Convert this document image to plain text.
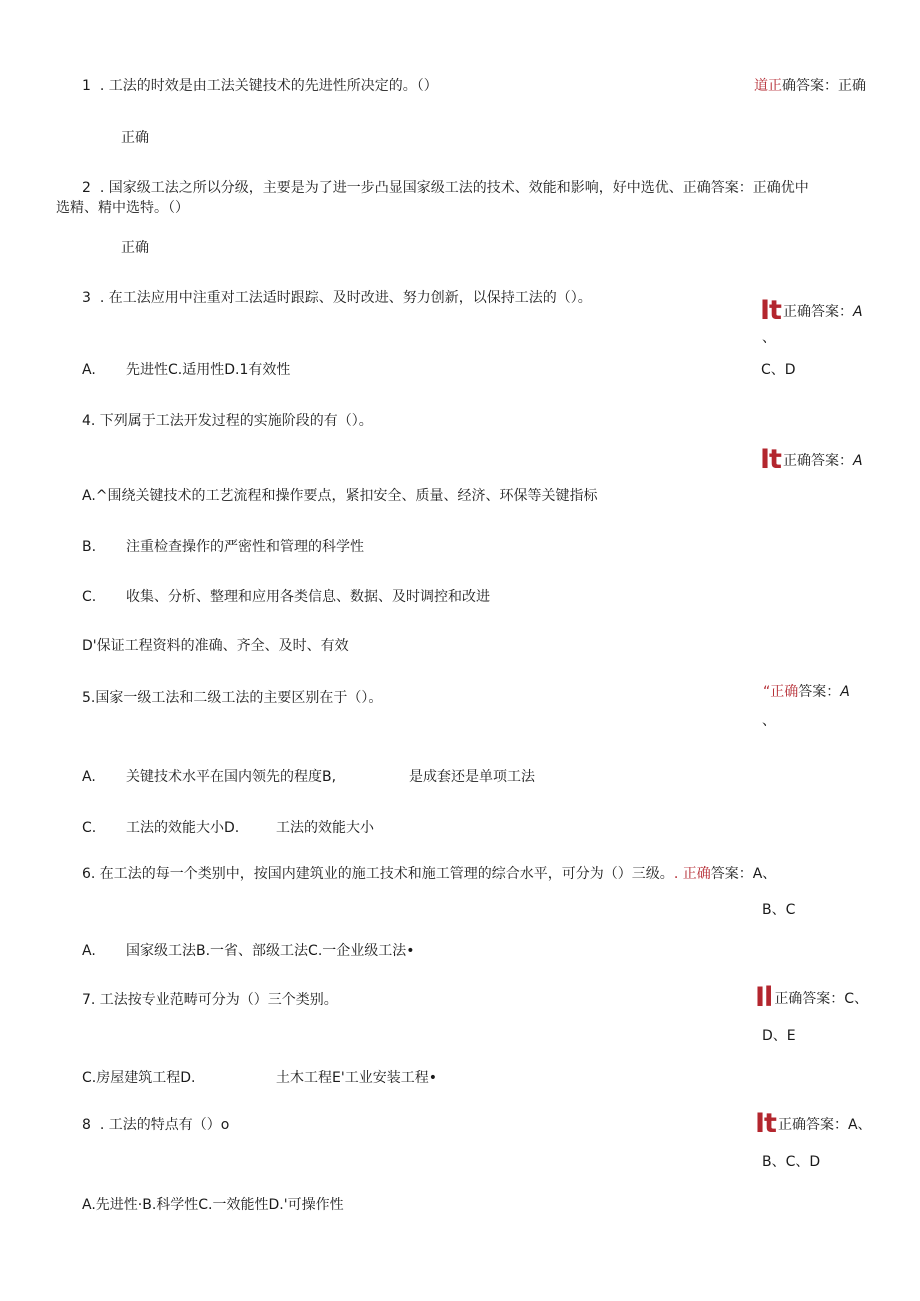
1 . 工法的时效是由工法关键技术的先进性所决定的。（）	道正确答案：正确
正确
2 . 国家级工法之所以分级，主要是为了进一步凸显国家级工法的技术、效能和影响，好中选优、正确答案：正确优中
选精、精中选特。（）
正确
3 . 在工法应用中注重对工法适时跟踪、及时改进、努力创新，以保持工法的（）。	It 正确答案：A
、
A. 先进性C.适用性D.1有效性	C、D
4. 下列属于工法开发过程的实施阶段的有（）。
It 正确答案：A
A.^围绕关键技术的工艺流程和操作要点，紧扣安全、质量、经济、环保等关键指标
B. 注重检查操作的严密性和管理的科学性
C. 收集、分析、整理和应用各类信息、数据、及时调控和改进
D'保证工程资料的准确、齐全、及时、有效
5.国家一级工法和二级工法的主要区别在于（）。	“正确答案：A
、
A. 关键技术水平在国内领先的程度B,	是成套还是单项工法
C. 工法的效能大小D.	工法的效能大小
6. 在工法的每一个类别中，按国内建筑业的施工技术和施工管理的综合水平，可分为（）三级。. 正确答案：A、
B、C
A. 国家级工法B.一省、部级工法C.一企业级工法•
7. 工法按专业范畴可分为（）三个类别。	Il 正确答案：C、
D、E
C.房屋建筑工程D.	土木工程E'工业安装工程•
8 . 工法的特点有（）o	It 正确答案：A、
B、C、D
A.先进性·B.科学性C.一效能性D.'可操作性
